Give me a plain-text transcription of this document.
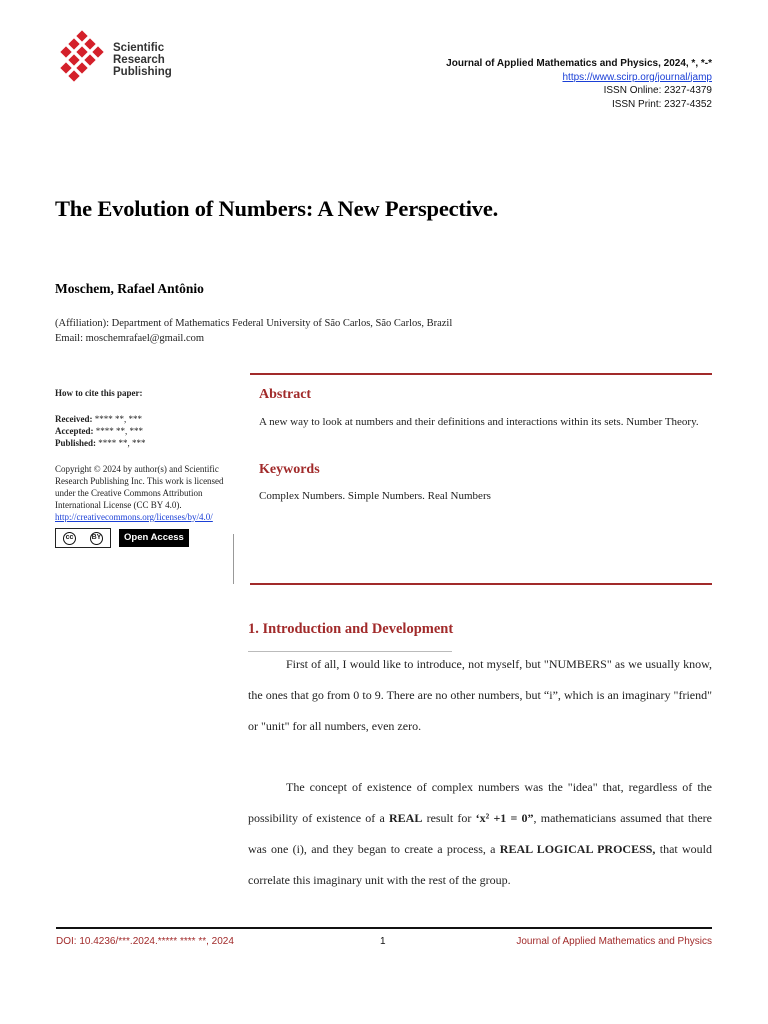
Scientific
Research
Publishing
Journal of Applied Mathematics and Physics, 2024, *, *-*
https://www.scirp.org/journal/jamp
ISSN Online: 2327-4379
ISSN Print: 2327-4352
The Evolution of Numbers: A New Perspective.
Moschem, Rafael Antônio
(Affiliation): Department of Mathematics Federal University of São Carlos, São Carlos, Brazil
Email: moschemrafael@gmail.com
How to cite this paper:
Received: **** **, ***
Accepted: **** **, ***
Published: **** **, ***
Copyright © 2024 by author(s) and Scientific Research Publishing Inc. This work is licensed under the Creative Commons Attribution International License (CC BY 4.0).
http://creativecommons.org/licenses/by/4.0/
cc	BY	Open Access
Abstract
A new way to look at numbers and their definitions and interactions within its sets. Number Theory.
Keywords
Complex Numbers. Simple Numbers. Real Numbers
1. Introduction and Development

First of all, I would like to introduce, not myself, but "NUMBERS" as we usually know, the ones that go from 0 to 9. There are no other numbers, but “i”, which is an imaginary "friend" or "unit" for all numbers, even zero.

The concept of existence of complex numbers was the "idea" that, regardless of the possibility of existence of a REAL result for ‘x² +1 = 0”, mathematicians assumed that there was one (i), and they began to create a process, a REAL LOGICAL PROCESS, that would correlate this imaginary unit with the rest of the group.

DOI: 10.4236/***.2024.***** **** **, 2024	1	Journal of Applied Mathematics and Physics
